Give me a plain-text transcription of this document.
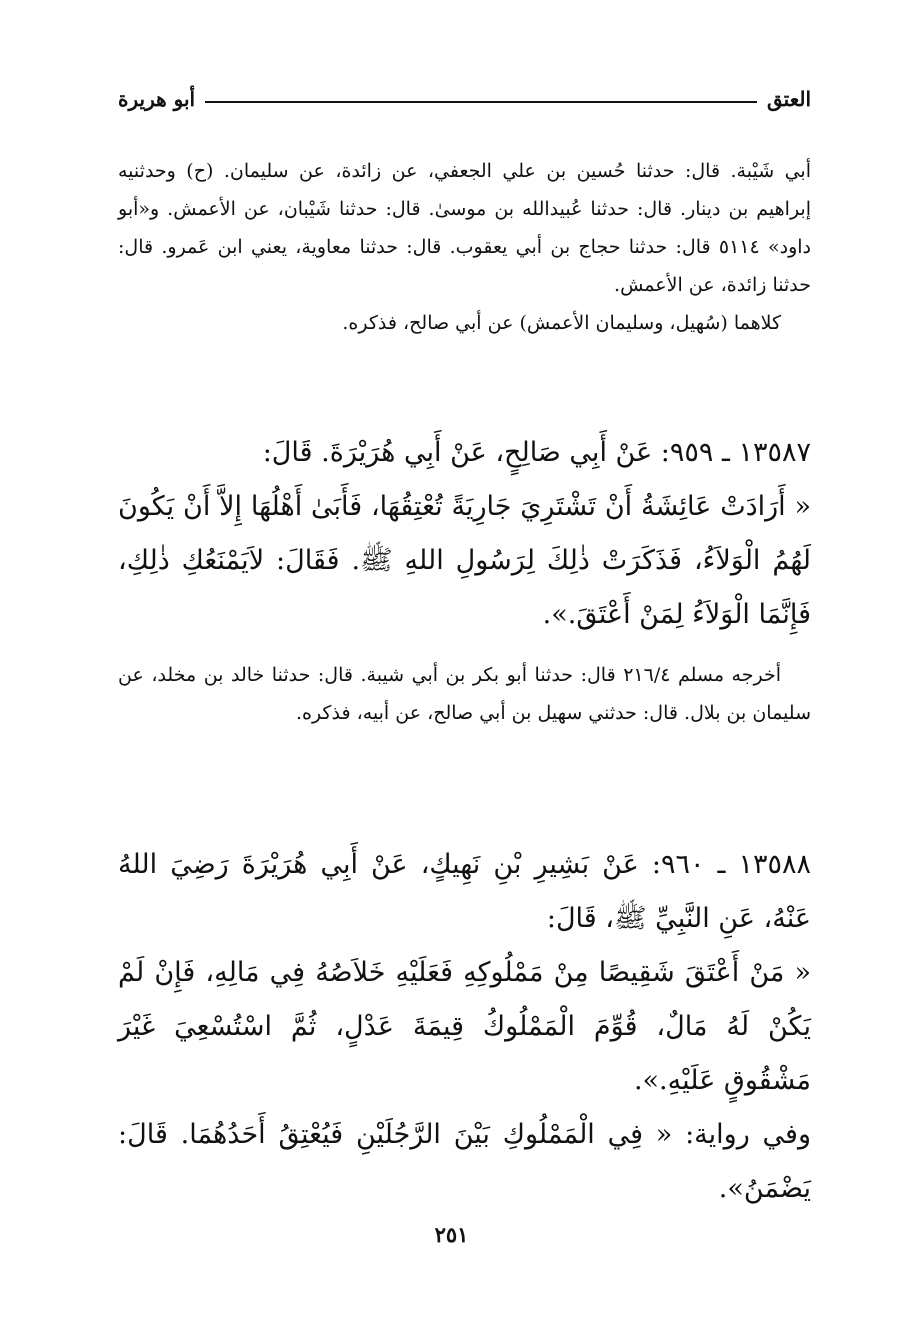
العتق
أبو هريرة

أبي شَيْبة. قال: حدثنا حُسين بن علي الجعفي، عن زائدة، عن سليمان. (ح) وحدثنيه إبراهيم بن دينار. قال: حدثنا عُبيدالله بن موسىٰ. قال: حدثنا شَيْبان، عن الأعمش. و«أبو داود» ٥١١٤ قال: حدثنا حجاج بن أبي يعقوب. قال: حدثنا معاوية، يعني ابن عَمرو. قال: حدثنا زائدة، عن الأعمش.

كلاهما (سُهيل، وسليمان الأعمش) عن أبي صالح، فذكره.

١٣٥٨٧ ـ ٩٥٩: عَنْ أَبِي صَالِحٍ، عَنْ أَبِي هُرَيْرَةَ. قَالَ:

« أَرَادَتْ عَائِشَةُ أَنْ تَشْتَرِيَ جَارِيَةً تُعْتِقُهَا، فَأَبَىٰ أَهْلُهَا إِلاَّ أَنْ يَكُونَ لَهُمُ الْوَلاَءُ، فَذَكَرَتْ ذٰلِكَ لِرَسُولِ اللهِ ﷺ. فَقَالَ: لاَيَمْنَعُكِ ذٰلِكِ، فَإِنَّمَا الْوَلاَءُ لِمَنْ أَعْتَقَ.».

أخرجه مسلم ٢١٦/٤ قال: حدثنا أبو بكر بن أبي شيبة. قال: حدثنا خالد بن مخلد، عن سليمان بن بلال. قال: حدثني سهيل بن أبي صالح، عن أبيه، فذكره.

١٣٥٨٨ ـ ٩٦٠: عَنْ بَشِيرِ بْنِ نَهِيكٍ، عَنْ أَبِي هُرَيْرَةَ رَضِيَ اللهُ عَنْهُ، عَنِ النَّبِيِّ ﷺ، قَالَ:

« مَنْ أَعْتَقَ شَقِيصًا مِنْ مَمْلُوكِهِ فَعَلَيْهِ خَلاَصُهُ فِي مَالِهِ، فَإِنْ لَمْ يَكُنْ لَهُ مَالٌ، قُوِّمَ الْمَمْلُوكُ قِيمَةَ عَدْلٍ، ثُمَّ اسْتُسْعِيَ غَيْرَ مَشْقُوقٍ عَلَيْهِ.».

وفي رواية: « فِي الْمَمْلُوكِ بَيْنَ الرَّجُلَيْنِ فَيُعْتِقُ أَحَدُهُمَا. قَالَ: يَضْمَنُ».

٢٥١
